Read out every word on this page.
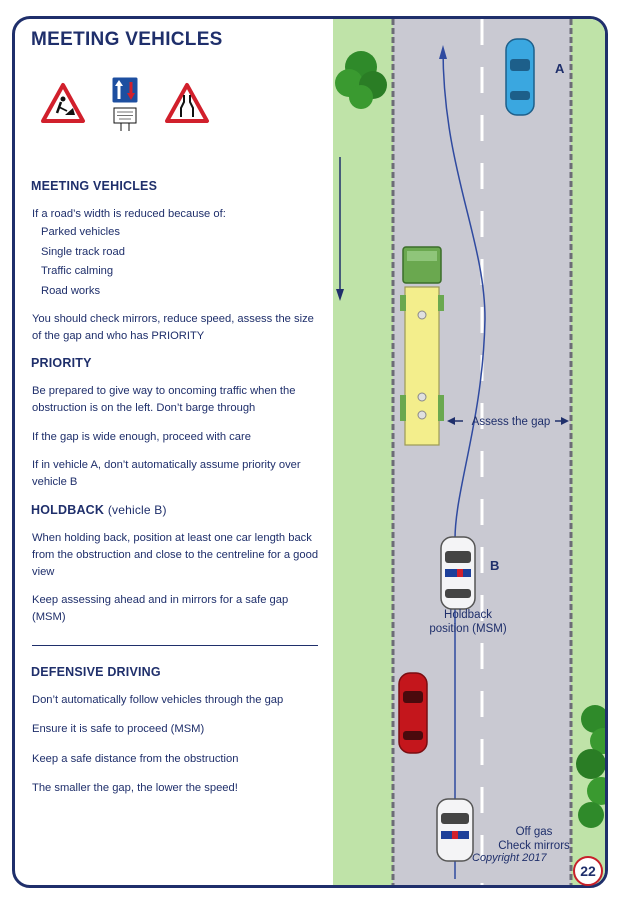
MEETING VEHICLES
MEETING VEHICLES

If a road’s width is reduced because of:

Parked vehicles
Single track road
Traffic calming
Road works

You should check mirrors, reduce speed, assess the size of the gap and who has PRIORITY

PRIORITY

Be prepared to give way to oncoming traffic when the obstruction is on the left. Don’t barge through

If the gap is wide enough, proceed with care

If in vehicle A, don’t automatically assume priority over vehicle B

HOLDBACK (vehicle B)

When holding back, position at least one car length back from the obstruction and close to the centreline for a good view

Keep assessing ahead and in mirrors for a safe gap (MSM)

DEFENSIVE DRIVING

Don’t automatically follow vehicles through the gap

Ensure it is safe to proceed (MSM)

Keep a safe distance from the obstruction

The smaller the gap, the lower the speed!

A
B
Assess the gap
Holdback
position (MSM)
Off gas
Check mirrors
Copyright 2017
22
